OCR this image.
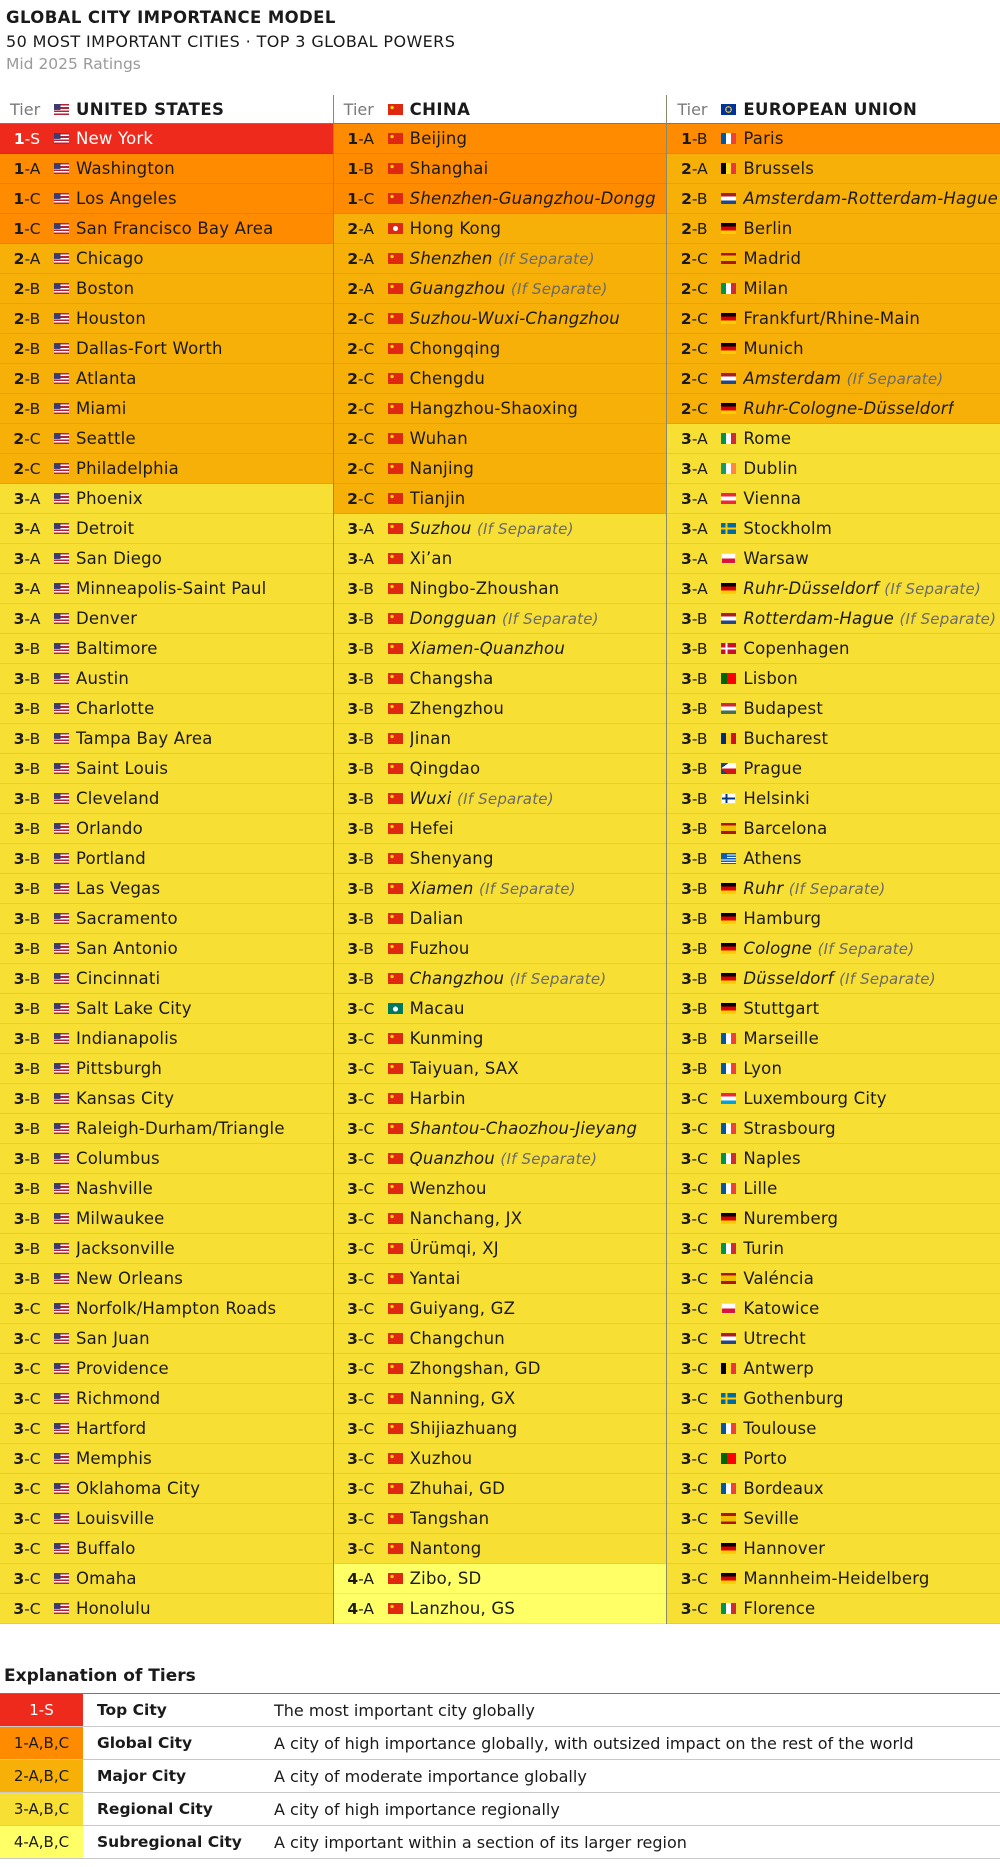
GLOBAL CITY IMPORTANCE MODEL
50 MOST IMPORTANT CITIES · TOP 3 GLOBAL POWERS
Mid 2025 Ratings
Tier	UNITED STATES
1-S	New York
1-A	Washington
1-C	Los Angeles
1-C	San Francisco Bay Area
2-A	Chicago
2-B	Boston
2-B	Houston
2-B	Dallas-Fort Worth
2-B	Atlanta
2-B	Miami
2-C	Seattle
2-C	Philadelphia
3-A	Phoenix
3-A	Detroit
3-A	San Diego
3-A	Minneapolis-Saint Paul
3-A	Denver
3-B	Baltimore
3-B	Austin
3-B	Charlotte
3-B	Tampa Bay Area
3-B	Saint Louis
3-B	Cleveland
3-B	Orlando
3-B	Portland
3-B	Las Vegas
3-B	Sacramento
3-B	San Antonio
3-B	Cincinnati
3-B	Salt Lake City
3-B	Indianapolis
3-B	Pittsburgh
3-B	Kansas City
3-B	Raleigh-Durham/Triangle
3-B	Columbus
3-B	Nashville
3-B	Milwaukee
3-B	Jacksonville
3-B	New Orleans
3-C	Norfolk/Hampton Roads
3-C	San Juan
3-C	Providence
3-C	Richmond
3-C	Hartford
3-C	Memphis
3-C	Oklahoma City
3-C	Louisville
3-C	Buffalo
3-C	Omaha
3-C	Honolulu
Tier	CHINA
1-A	Beijing
1-B	Shanghai
1-C	Shenzhen-Guangzhou-Dongg
2-A	Hong Kong
2-A	Shenzhen (If Separate)
2-A	Guangzhou (If Separate)
2-C	Suzhou-Wuxi-Changzhou
2-C	Chongqing
2-C	Chengdu
2-C	Hangzhou-Shaoxing
2-C	Wuhan
2-C	Nanjing
2-C	Tianjin
3-A	Suzhou (If Separate)
3-A	Xi’an
3-B	Ningbo-Zhoushan
3-B	Dongguan (If Separate)
3-B	Xiamen-Quanzhou
3-B	Changsha
3-B	Zhengzhou
3-B	Jinan
3-B	Qingdao
3-B	Wuxi (If Separate)
3-B	Hefei
3-B	Shenyang
3-B	Xiamen (If Separate)
3-B	Dalian
3-B	Fuzhou
3-B	Changzhou (If Separate)
3-C	Macau
3-C	Kunming
3-C	Taiyuan, SAX
3-C	Harbin
3-C	Shantou-Chaozhou-Jieyang
3-C	Quanzhou (If Separate)
3-C	Wenzhou
3-C	Nanchang, JX
3-C	Ürümqi, XJ
3-C	Yantai
3-C	Guiyang, GZ
3-C	Changchun
3-C	Zhongshan, GD
3-C	Nanning, GX
3-C	Shijiazhuang
3-C	Xuzhou
3-C	Zhuhai, GD
3-C	Tangshan
3-C	Nantong
4-A	Zibo, SD
4-A	Lanzhou, GS
Tier	EUROPEAN UNION
1-B	Paris
2-A	Brussels
2-B	Amsterdam-Rotterdam-Hague
2-B	Berlin
2-C	Madrid
2-C	Milan
2-C	Frankfurt/Rhine-Main
2-C	Munich
2-C	Amsterdam (If Separate)
2-C	Ruhr-Cologne-Düsseldorf
3-A	Rome
3-A	Dublin
3-A	Vienna
3-A	Stockholm
3-A	Warsaw
3-A	Ruhr-Düsseldorf (If Separate)
3-B	Rotterdam-Hague (If Separate)
3-B	Copenhagen
3-B	Lisbon
3-B	Budapest
3-B	Bucharest
3-B	Prague
3-B	Helsinki
3-B	Barcelona
3-B	Athens
3-B	Ruhr (If Separate)
3-B	Hamburg
3-B	Cologne (If Separate)
3-B	Düsseldorf (If Separate)
3-B	Stuttgart
3-B	Marseille
3-B	Lyon
3-C	Luxembourg City
3-C	Strasbourg
3-C	Naples
3-C	Lille
3-C	Nuremberg
3-C	Turin
3-C	Valéncia
3-C	Katowice
3-C	Utrecht
3-C	Antwerp
3-C	Gothenburg
3-C	Toulouse
3-C	Porto
3-C	Bordeaux
3-C	Seville
3-C	Hannover
3-C	Mannheim-Heidelberg
3-C	Florence
Explanation of Tiers
1-S	Top City	The most important city globally
1-A,B,C	Global City	A city of high importance globally, with outsized impact on the rest of the world
2-A,B,C	Major City	A city of moderate importance globally
3-A,B,C	Regional City	A city of high importance regionally
4-A,B,C	Subregional City	A city important within a section of its larger region
